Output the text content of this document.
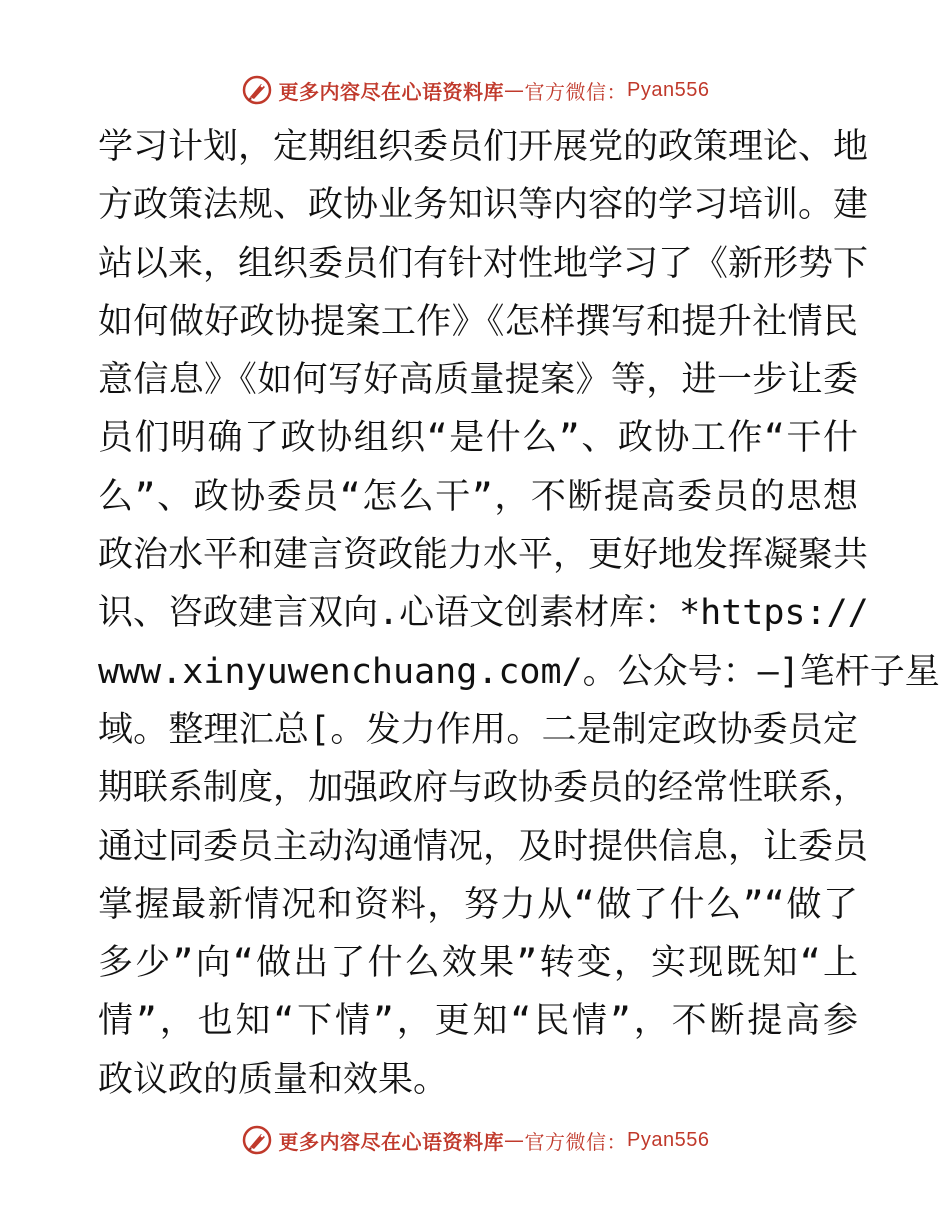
更多内容尽在心语资料库 — 官方微信： Pyan556
学习计划，定期组织委员们开展党的政策理论、地
方政策法规、政协业务知识等内容的学习培训。建
站以来，组织委员们有针对性地学习了《新形势下
如何做好政协提案工作》《怎样撰写和提升社情民
意信息》《如何写好高质量提案》等，进一步让委
员们明确了政协组织“是什么”、政协工作“干什
么”、政协委员“怎么干”，不断提高委员的思想
政治水平和建言资政能力水平，更好地发挥凝聚共
识、咨政建言双向.心语文创素材库：*https://
www.xinyuwenchuang.com/。公众号：—]笔杆子星
域。整理汇总[。发力作用。二是制定政协委员定
期联系制度，加强政府与政协委员的经常性联系，
通过同委员主动沟通情况，及时提供信息，让委员
掌握最新情况和资料，努力从“做了什么”“做了
多少”向“做出了什么效果”转变，实现既知“上
情”，也知“下情”，更知“民情”，不断提高参
政议政的质量和效果。
更多内容尽在心语资料库 — 官方微信： Pyan556
